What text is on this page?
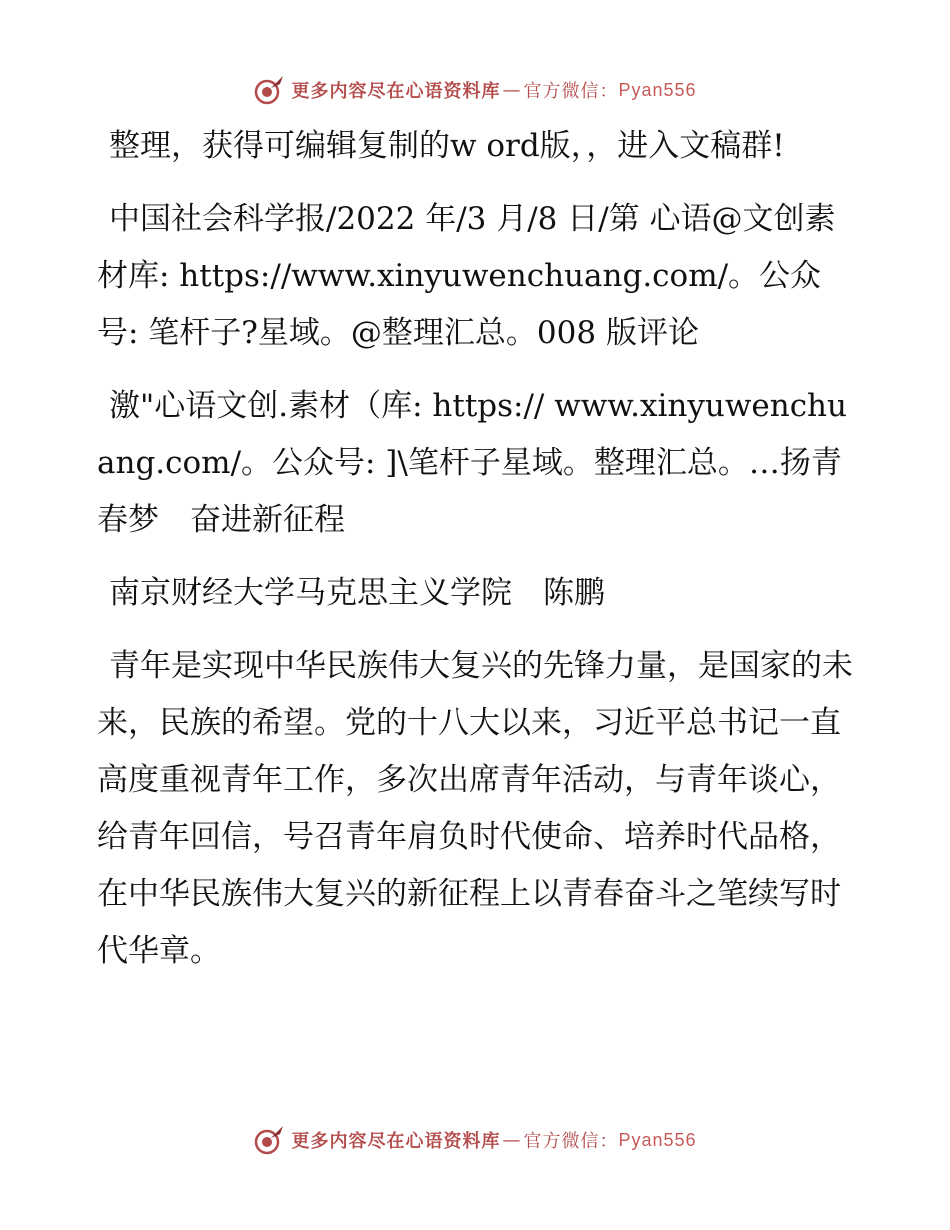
更多内容尽在心语资料库 — 官方微信： Pyan556

整理，获得可编辑复制的w ord版，，进入文稿群!

中国社会科学报/2022 年/3 月/8 日/第 心语@文创素材库: https://www.xinyuwenchuang.com/。公众号: 笔杆子?星域。@整理汇总。008 版评论

激"心语文创.素材（库: https:// www.xinyuwenchuang.com/。公众号: ]\笔杆子星域。整理汇总。…扬青春梦　奋进新征程

南京财经大学马克思主义学院　陈鹏

青年是实现中华民族伟大复兴的先锋力量，是国家的未来，民族的希望。党的十八大以来，习近平总书记一直高度重视青年工作，多次出席青年活动，与青年谈心，给青年回信，号召青年肩负时代使命、培养时代品格，在中华民族伟大复兴的新征程上以青春奋斗之笔续写时代华章。

更多内容尽在心语资料库 — 官方微信： Pyan556
